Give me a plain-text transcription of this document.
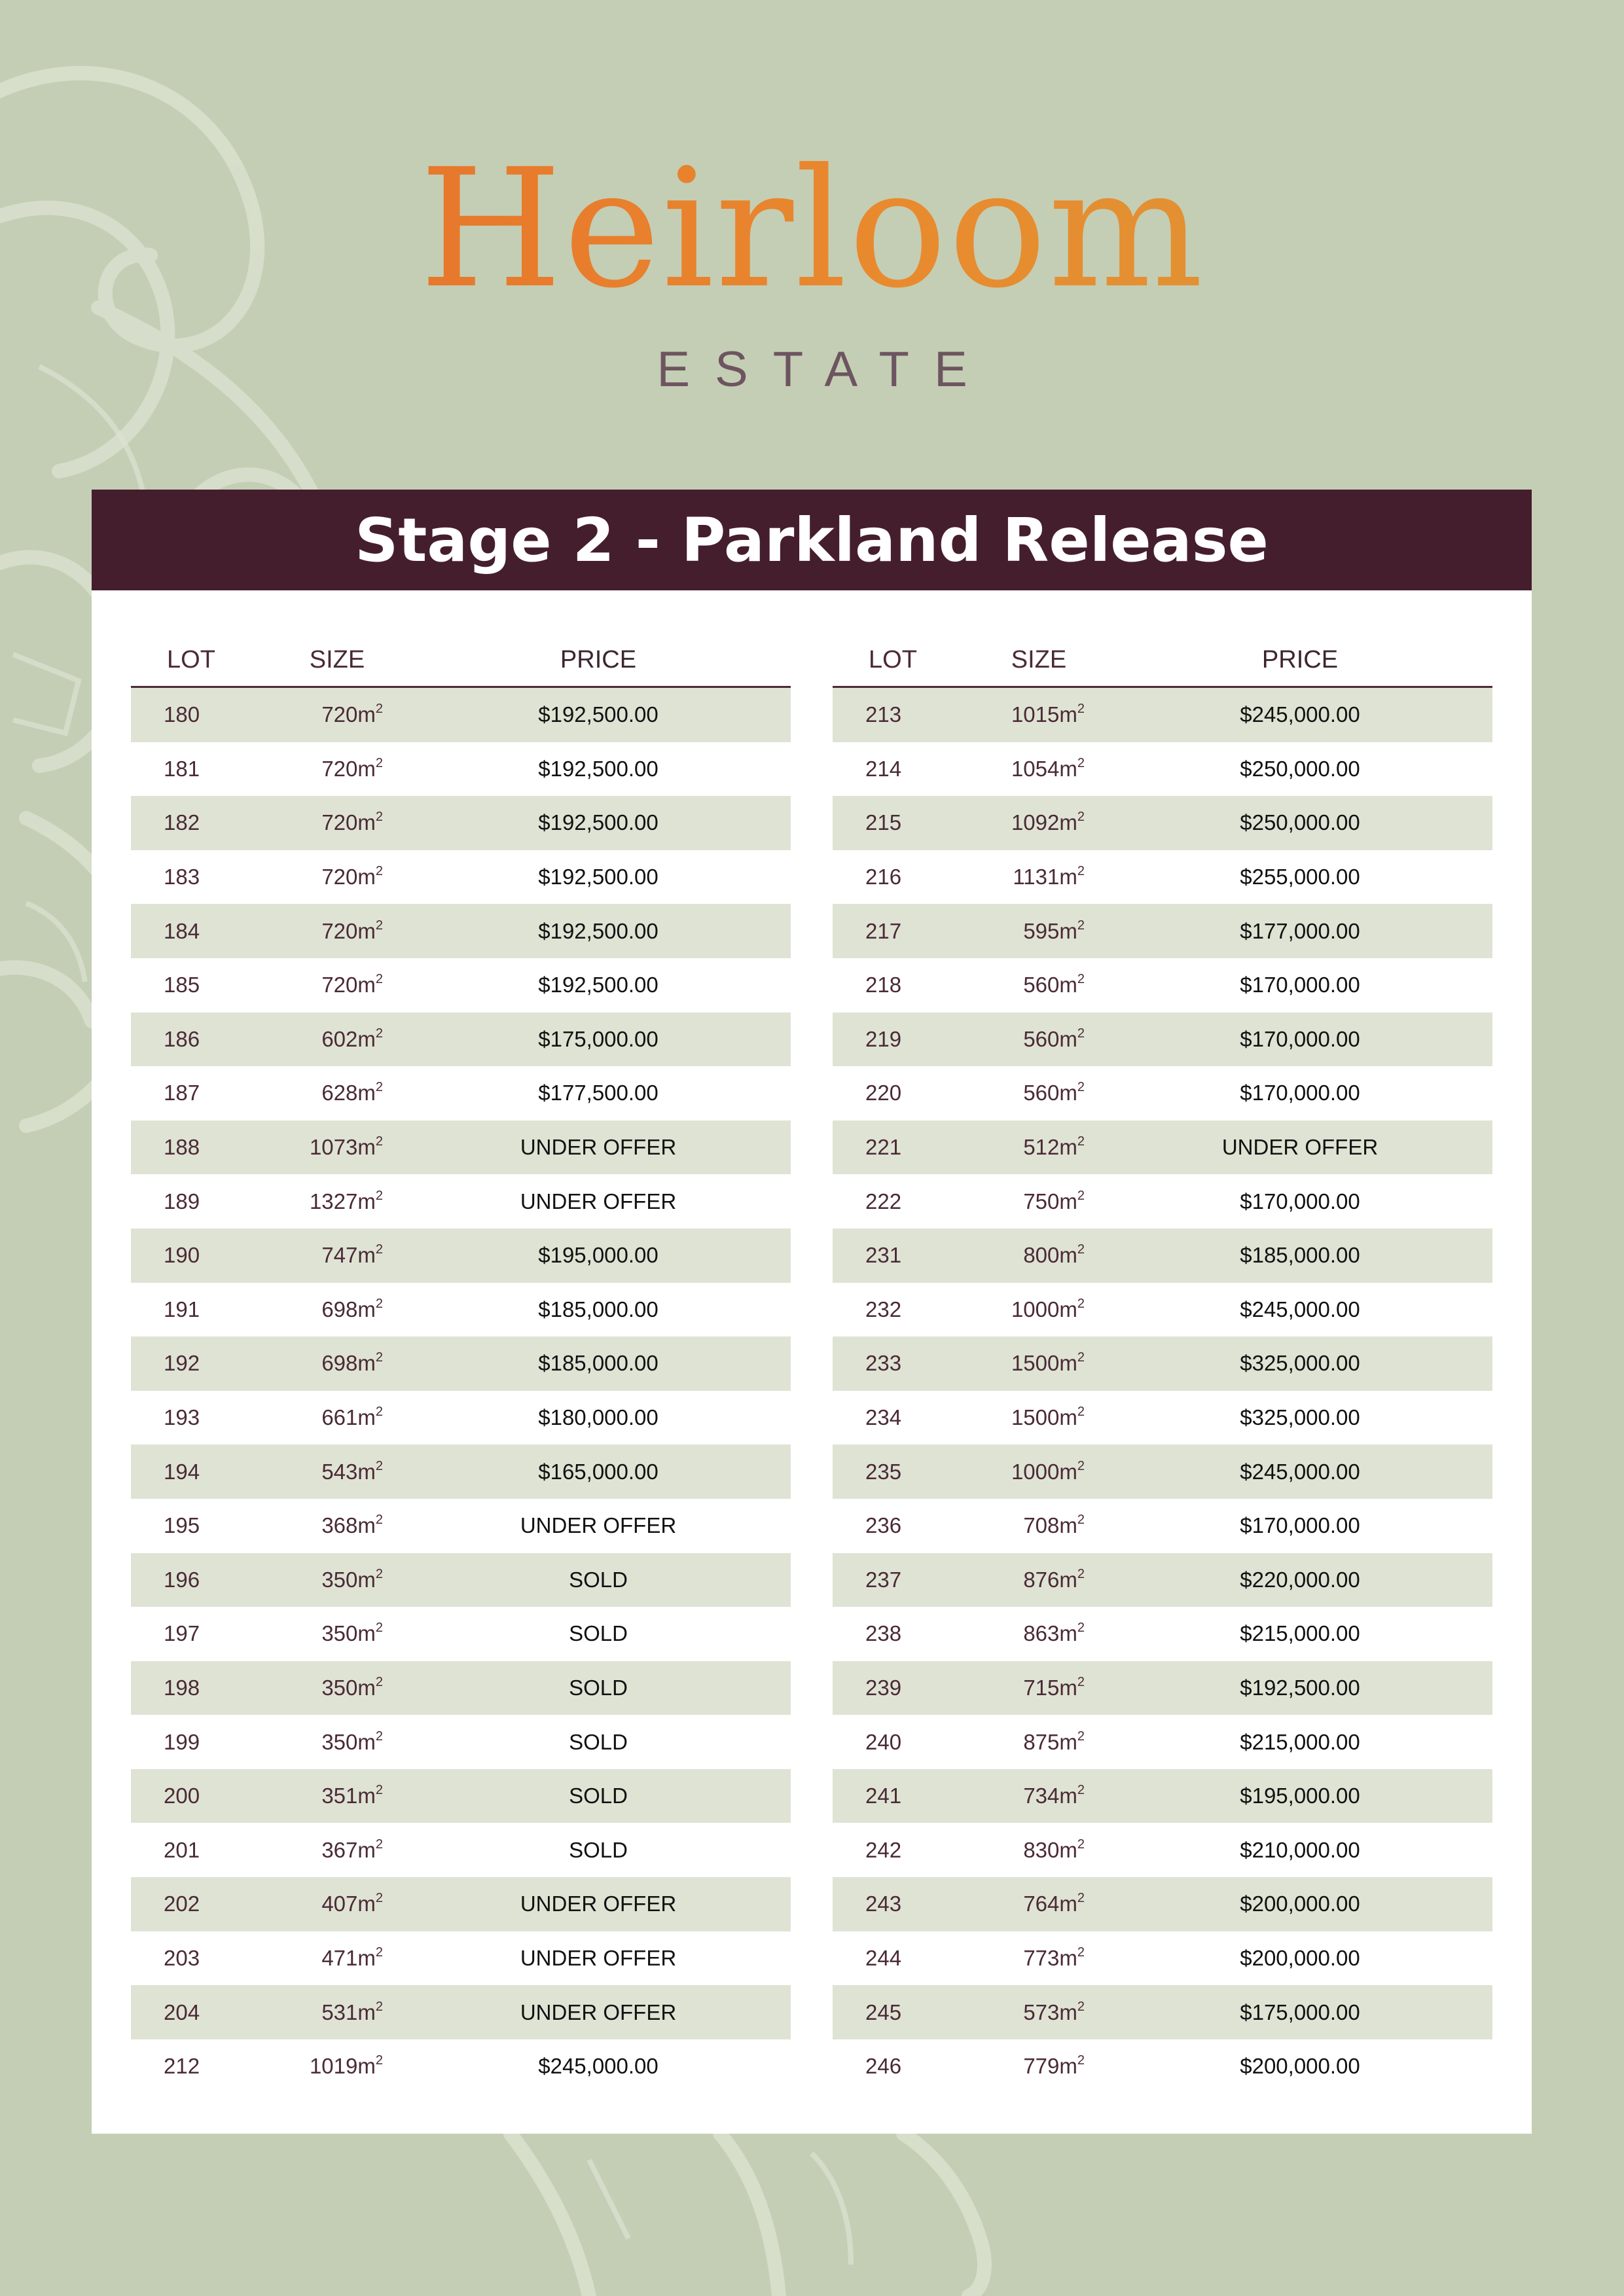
Heirloom
ESTATE
Stage 2 - Parkland Release
LOT	SIZE	PRICE
180	$720m^2$	$192,500.00
181	$720m^2$	$192,500.00
182	$720m^2$	$192,500.00
183	$720m^2$	$192,500.00
184	$720m^2$	$192,500.00
185	$720m^2$	$192,500.00
186	$602m^2$	$175,000.00
187	$628m^2$	$177,500.00
188	$1073m^2$	UNDER OFFER
189	$1327m^2$	UNDER OFFER
190	$747m^2$	$195,000.00
191	$698m^2$	$185,000.00
192	$698m^2$	$185,000.00
193	$661m^2$	$180,000.00
194	$543m^2$	$165,000.00
195	$368m^2$	UNDER OFFER
196	$350m^2$	SOLD
197	$350m^2$	SOLD
198	$350m^2$	SOLD
199	$350m^2$	SOLD
200	$351m^2$	SOLD
201	$367m^2$	SOLD
202	$407m^2$	UNDER OFFER
203	$471m^2$	UNDER OFFER
204	$531m^2$	UNDER OFFER
212	$1019m^2$	$245,000.00
LOT	SIZE	PRICE
213	$1015m^2$	$245,000.00
214	$1054m^2$	$250,000.00
215	$1092m^2$	$250,000.00
216	$1131m^2$	$255,000.00
217	$595m^2$	$177,000.00
218	$560m^2$	$170,000.00
219	$560m^2$	$170,000.00
220	$560m^2$	$170,000.00
221	$512m^2$	UNDER OFFER
222	$750m^2$	$170,000.00
231	$800m^2$	$185,000.00
232	$1000m^2$	$245,000.00
233	$1500m^2$	$325,000.00
234	$1500m^2$	$325,000.00
235	$1000m^2$	$245,000.00
236	$708m^2$	$170,000.00
237	$876m^2$	$220,000.00
238	$863m^2$	$215,000.00
239	$715m^2$	$192,500.00
240	$875m^2$	$215,000.00
241	$734m^2$	$195,000.00
242	$830m^2$	$210,000.00
243	$764m^2$	$200,000.00
244	$773m^2$	$200,000.00
245	$573m^2$	$175,000.00
246	$779m^2$	$200,000.00
